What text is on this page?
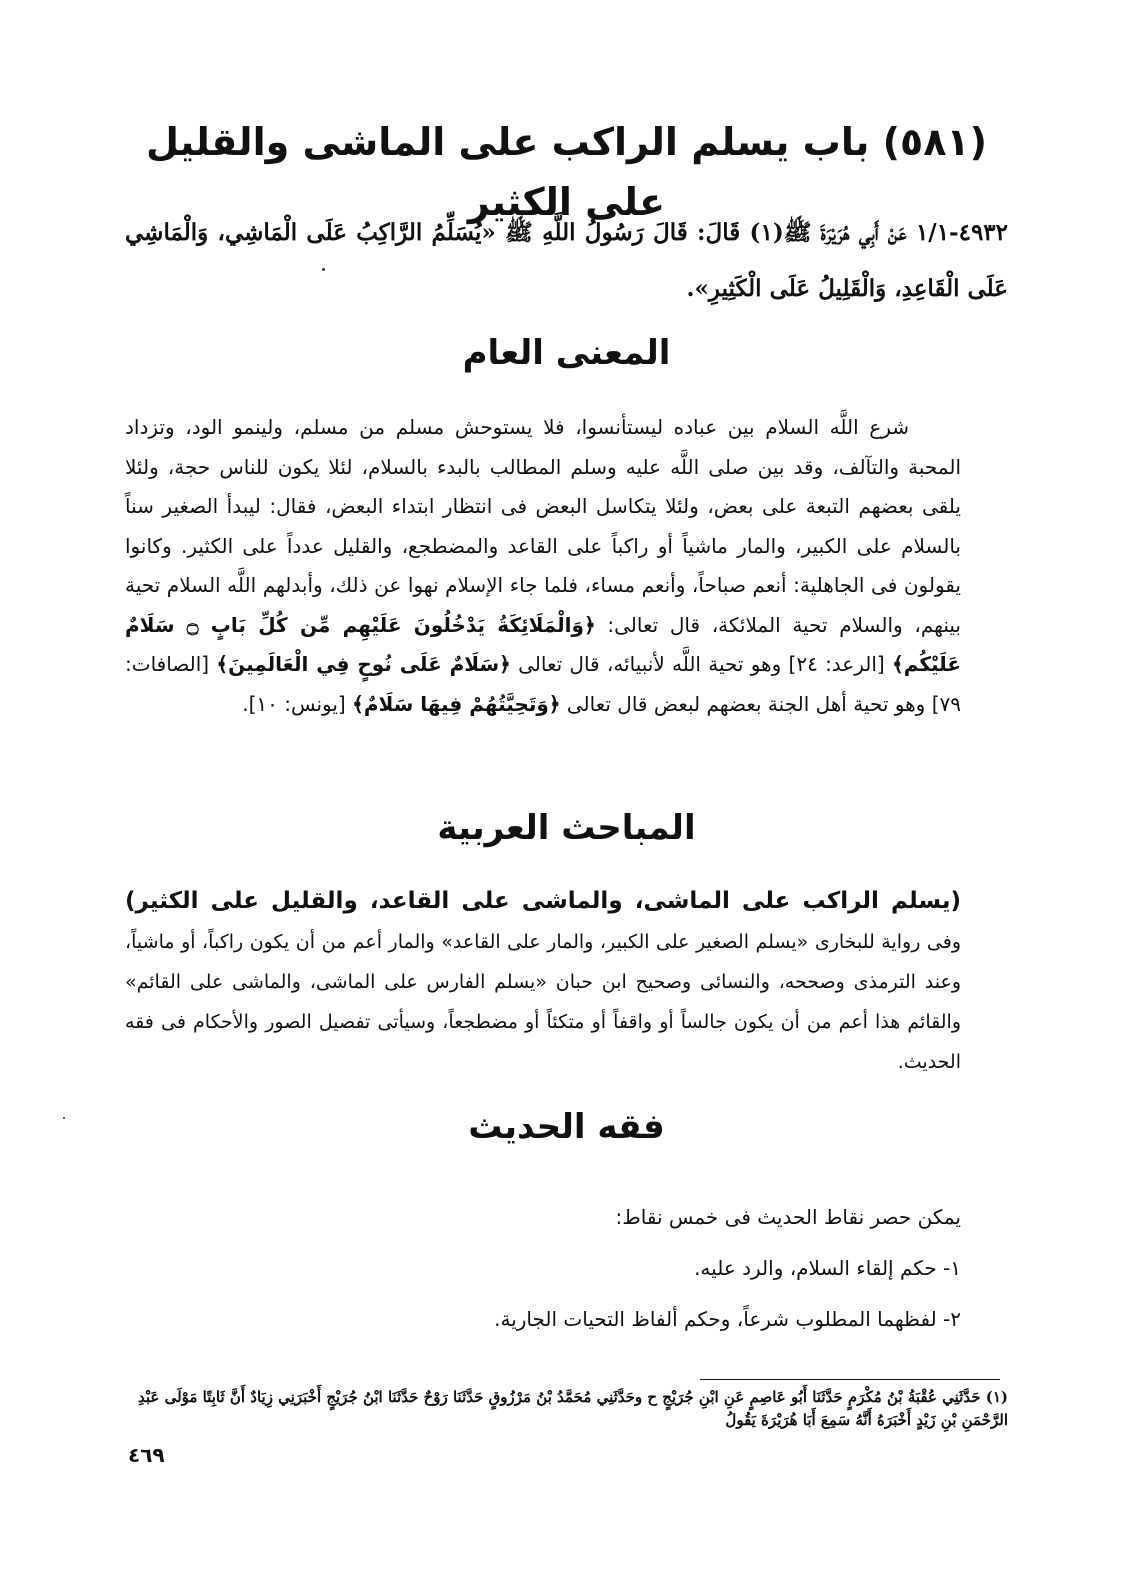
(٥٨١) باب يسلم الراكب على الماشى والقليل على الكثير

٤٩٣٢-١/١ عَنْ أَبِي هُرَيْرَةَ ﷺ(١) قَالَ: قَالَ رَسُولُ اللَّهِ ﷺ «يُسَلِّمُ الرَّاكِبُ عَلَى الْمَاشِي، وَالْمَاشِي عَلَى الْقَاعِدِ، وَالْقَلِيلُ عَلَى الْكَثِيرِ».

المعنى العام

شرع اللَّه السلام بين عباده ليستأنسوا، فلا يستوحش مسلم من مسلم، ولينمو الود، وتزداد المحبة والتآلف، وقد بين صلى اللَّه عليه وسلم المطالب بالبدء بالسلام، لئلا يكون للناس حجة، ولئلا يلقى بعضهم التبعة على بعض، ولئلا يتكاسل البعض فى انتظار ابتداء البعض، فقال: ليبدأ الصغير سناً بالسلام على الكبير، والمار ماشياً أو راكباً على القاعد والمضطجع، والقليل عدداً على الكثير. وكانوا يقولون فى الجاهلية: أنعم صباحاً، وأنعم مساء، فلما جاء الإسلام نهوا عن ذلك، وأبدلهم اللَّه السلام تحية بينهم، والسلام تحية الملائكة، قال تعالى: ﴿وَالْمَلَائِكَةُ يَدْخُلُونَ عَلَيْهِم مِّن كُلِّ بَابٍ ۝ سَلَامٌ عَلَيْكُم﴾ [الرعد: ٢٤] وهو تحية اللَّه لأنبيائه، قال تعالى ﴿سَلَامٌ عَلَى نُوحٍ فِي الْعَالَمِينَ﴾ [الصافات: ٧٩] وهو تحية أهل الجنة بعضهم لبعض قال تعالى ﴿وَتَحِيَّتُهُمْ فِيهَا سَلَامٌ﴾ [يونس: ١٠].

المباحث العربية

(يسلم الراكب على الماشى، والماشى على القاعد، والقليل على الكثير) وفى رواية للبخارى «يسلم الصغير على الكبير، والمار على القاعد» والمار أعم من أن يكون راكباً، أو ماشياً، وعند الترمذى وصححه، والنسائى وصحيح ابن حبان «يسلم الفارس على الماشى، والماشى على القائم» والقائم هذا أعم من أن يكون جالساً أو واقفاً أو متكئاً أو مضطجعاً، وسيأتى تفصيل الصور والأحكام فى فقه الحديث.

فقه الحديث
يمكن حصر نقاط الحديث فى خمس نقاط:
١- حكم إلقاء السلام، والرد عليه.
٢- لفظهما المطلوب شرعاً، وحكم ألفاظ التحيات الجارية.

(١) حَدَّثَنِي عُقْبَةُ بْنُ مُكْرَمٍ حَدَّثَنَا أَبُو عَاصِمٍ عَنِ ابْنِ جُرَيْجٍ ح وحَدَّثَنِي مُحَمَّدُ بْنُ مَرْزُوقٍ حَدَّثَنَا رَوْحٌ حَدَّثَنَا ابْنُ جُرَيْجٍ أَخْبَرَنِي زِيَادٌ أَنَّ ثَابِتًا مَوْلَى عَبْدِ الرَّحْمَنِ بْنِ زَيْدٍ أَخْبَرَهُ أَنَّهُ سَمِعَ أَبَا هُرَيْرَةَ يَقُولُ

٤٦٩
